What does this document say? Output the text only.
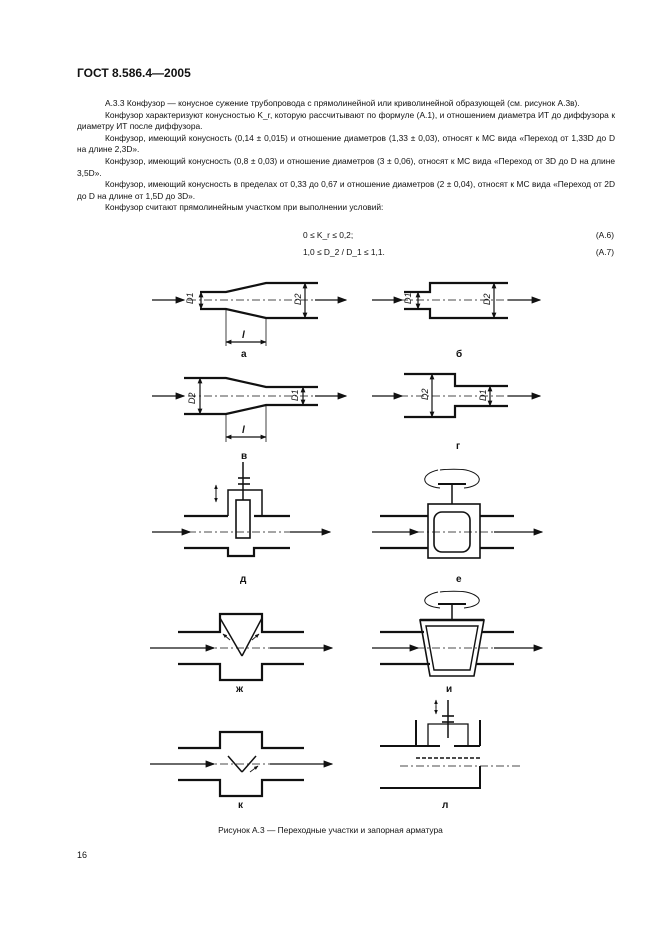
ГОСТ 8.586.4—2005

А.3.3 Конфузор — конусное сужение трубопровода с прямолинейной или криволинейной образующей (см. рисунок А.3в).

Конфузор характеризуют конусностью K_r, которую рассчитывают по формуле (А.1), и отношением диаметра ИТ до диффузора к диаметру ИТ после диффузора.

Конфузор, имеющий конусность (0,14 ± 0,015) и отношение диаметров (1,33 ± 0,03), относят к МС вида «Переход от 1,33D до D на длине 2,3D».

Конфузор, имеющий конусность (0,8 ± 0,03) и отношение диаметров (3 ± 0,06), относят к МС вида «Переход от 3D до D на длине 3,5D».

Конфузор, имеющий конусность в пределах от 0,33 до 0,67 и отношение диаметров (2 ± 0,04), относят к МС вида «Переход от 2D до D на длине от 1,5D до 3D».

Конфузор считают прямолинейным участком при выполнении условий:

0 ≤ K_r ≤ 0,2;	(А.6)
1,0 ≤ D_2 / D_1 ≤ 1,1.	(А.7)
D1	D2
l
а
D1	D2
б
D2	D1
l
в
D2	D1
г
д	е
ж	и
к	л
Рисунок А.3 — Переходные участки и запорная арматура
16
